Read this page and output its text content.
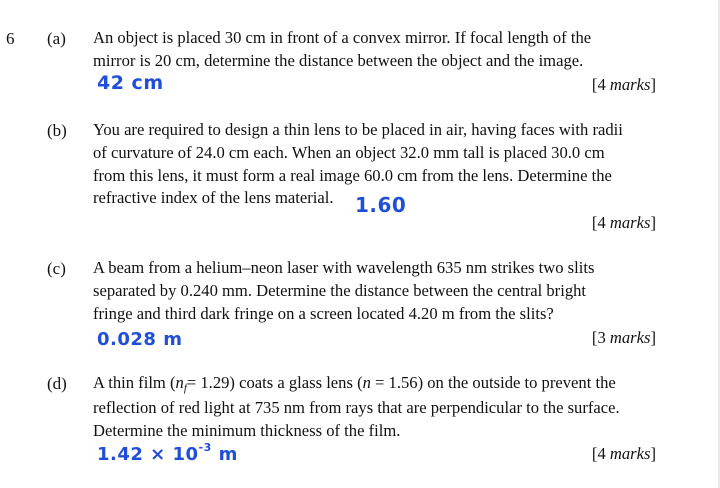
6 (a) An object is placed 30 cm in front of a convex mirror. If focal length of the
mirror is 20 cm, determine the distance between the object and the image.
42 cm	[4 marks]
(b) You are required to design a thin lens to be placed in air, having faces with radii
of curvature of 24.0 cm each. When an object 32.0 mm tall is placed 30.0 cm
from this lens, it must form a real image 60.0 cm from the lens. Determine the
refractive index of the lens material.	1.60
[4 marks]
(c) A beam from a helium–neon laser with wavelength 635 nm strikes two slits
separated by 0.240 mm. Determine the distance between the central bright
fringe and third dark fringe on a screen located 4.20 m from the slits?
0.028 m	[3 marks]
(d) A thin film (nf= 1.29) coats a glass lens (n = 1.56) on the outside to prevent the
reflection of red light at 735 nm from rays that are perpendicular to the surface.
Determine the minimum thickness of the film.
$1.42 \times 10^{-3}$ m	[4 marks]
